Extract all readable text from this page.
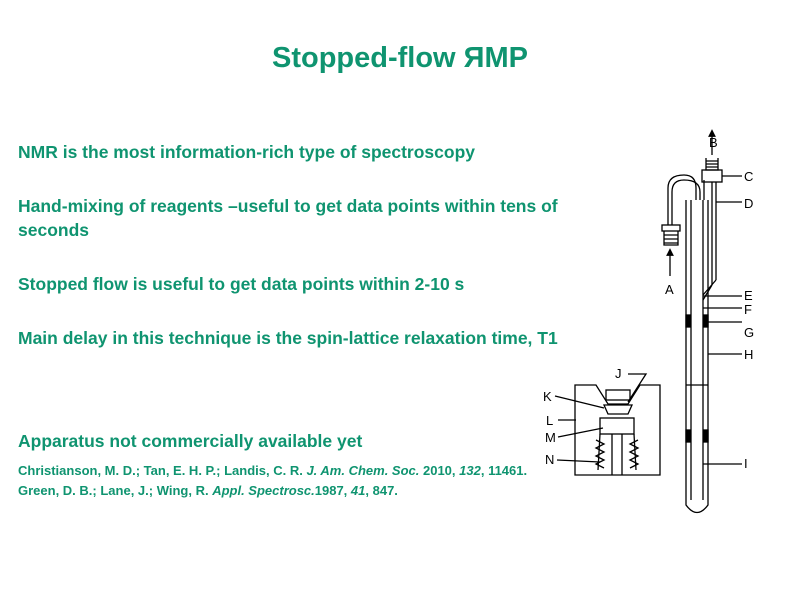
Stopped-flow ЯМР

NMR is the most information-rich type of spectroscopy

Hand-mixing of reagents –useful to get data points within tens of seconds

Stopped flow is useful to get data points within 2-10 s

Main delay in this technique is the spin-lattice relaxation time, T1

Apparatus not commercially available yet

Christianson, M. D.; Tan, E. H. P.; Landis, C. R. J. Am. Chem. Soc. 2010, 132, 11461.

Green, D. B.; Lane, J.; Wing, R. Appl. Spectrosc.1987, 41, 847.

B
C
D
A	E
F
G
H
I
J
K
L
M
N
